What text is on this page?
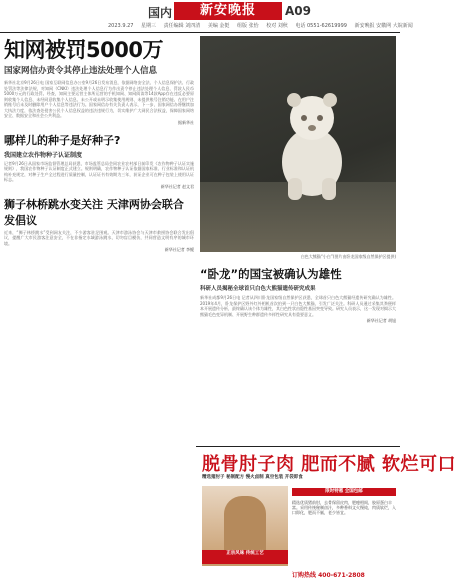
国内	新安晚报	A09
2023.9.27 星期三 责任编辑 刘四清 美编 金挺 组版 张怡 校对 刘秋 电话 0551-62619999 新安晚报 安徽网 大皖新闻
知网被罚5000万
国家网信办责令其停止违法处理个人信息
新华社北京9月26日电 国家互联网信息办公室9月26日发布消息，依据网络安全法、个人信息保护法、行政处罚法等法律法规，对知网（CNKI）违法处理个人信息行为作出责令停止违法处理个人信息、罚款人民币5000万元的行政处罚。经查，知网主要运营主体所运营的手机知网、知网阅读等14款App存在违反必要原则收集个人信息、未经同意收集个人信息、未公开或未明示收集使用规则、未提供账号注销功能、在用户注销账号后未及时删除用户个人信息等违法行为。国家网信办有关负责人表示，下一步，国家网信办将继续加大执法力度，依法查处侵害公民个人信息权益的违法违规行为，切实维护广大网民合法权益，保障国家网络安全、数据安全和社会公共利益。
据新华社
哪样儿的种子是好种子?
我国建立农作物种子认证制度
记者9月26日从国家市场监督管理总局获悉，市场监管总局会同农业农村部日前印发《农作物种子认证实施规则》，我国农作物种子认证制度正式建立。规则明确，农作物种子认证依据国家标准、行业标准和认证机构补充规定，对种子生产全过程进行质量控制，认证证书有效期为三年，获证企业可在种子包装上使用认证标志。
新华社记者 赵文君
狮子林桥跳水变关注 天津两协会联合发倡议
近来，“狮子林桥跳水”受到网友关注，不少游客驻足围观。天津市游泳协会与天津市救捞协会联合发出倡议，提醒广大市民游客注意安全，不在非指定水域游泳跳水，切勿盲目模仿，共同营造文明有序的城市环境。
新华社记者 李鲲
白色大熊猫“小白”(图片由卧龙国家级自然保护区提供)
“卧龙”的国宝被确认为雄性
科研人员揭秘全球首只白色大熊猫遗传研究成果
新华社成都9月26日电 记者从四川卧龙国家级自然保护区获悉，全球首只白色大熊猫经遗传研究确认为雄性。2019年4月，卧龙保护区野外红外相机首次拍到一只白色大熊猫，引发广泛关注。科研人员通过采集其粪便样本开展遗传分析，最终确认该个体为雄性，其白色性状由隐性基因突变导致。研究人员表示，这一发现对揭示大熊猫毛色变异机制、开展野生种群遗传多样性研究具有重要意义。
新华社记者 胡旭
脱骨肘子肉 肥而不腻 软烂可口
精选猪肘子 秘制配方 慢火卤制 真空包装 开袋即食
正宗风味 传统工艺
限时特惠 全国包邮
精选优质猪前肘，去骨保留皮肉，肥瘦相间，胶原蛋白丰富。采用传统秘制卤汁，多种香料文火慢炖，肉质软烂，入口即化，肥而不腻，老少皆宜。
订购热线 400-671-2808
